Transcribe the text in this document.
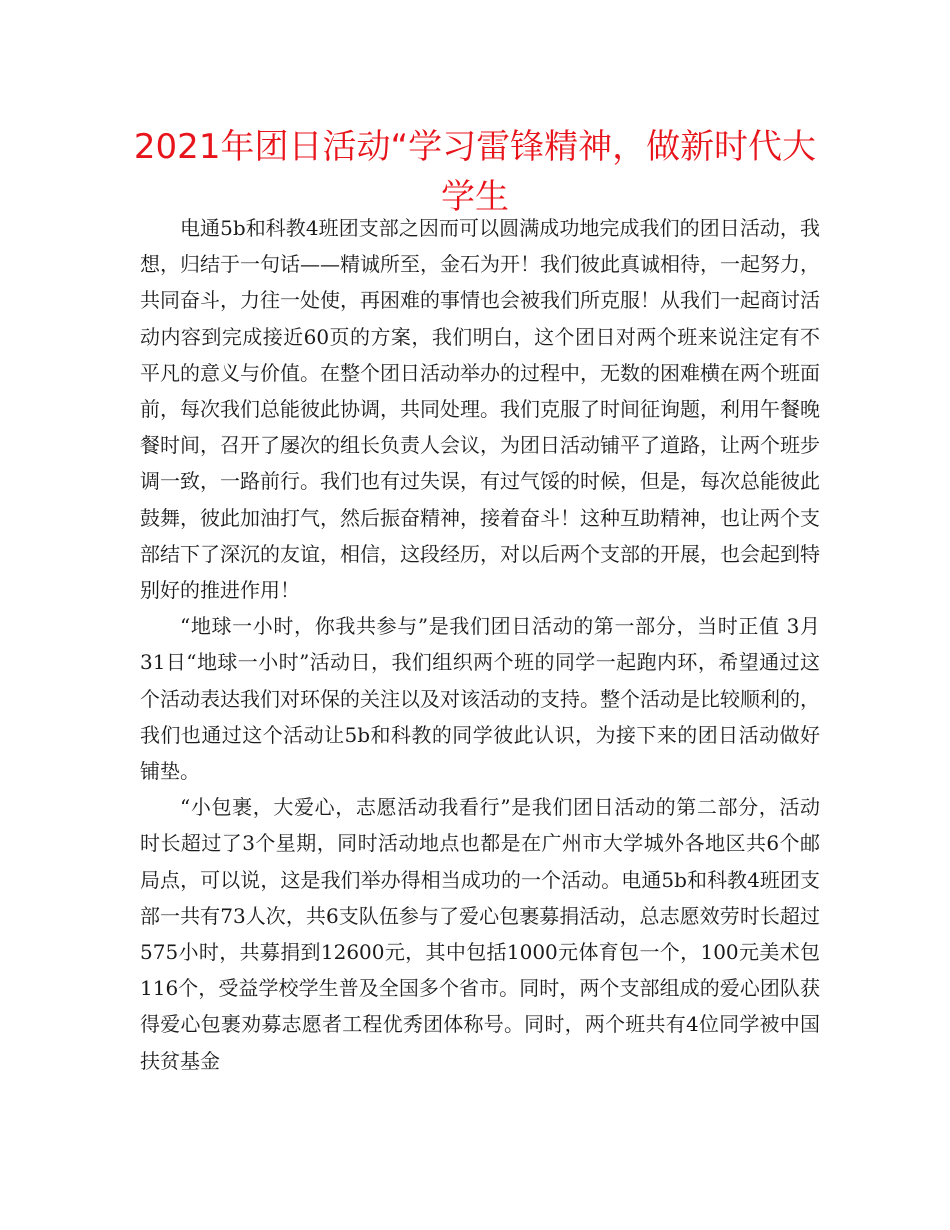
2021年团日活动“学习雷锋精神，做新时代大学生

电通5b和科教4班团支部之因而可以圆满成功地完成我们的团日活动，我想，归结于一句话——精诚所至，金石为开！我们彼此真诚相待，一起努力，共同奋斗，力往一处使，再困难的事情也会被我们所克服！从我们一起商讨活动内容到完成接近60页的方案，我们明白，这个团日对两个班来说注定有不平凡的意义与价值。在整个团日活动举办的过程中，无数的困难横在两个班面前，每次我们总能彼此协调，共同处理。我们克服了时间征询题，利用午餐晚餐时间，召开了屡次的组长负责人会议，为团日活动铺平了道路，让两个班步调一致，一路前行。我们也有过失误，有过气馁的时候，但是，每次总能彼此鼓舞，彼此加油打气，然后振奋精神，接着奋斗！这种互助精神，也让两个支部结下了深沉的友谊，相信，这段经历，对以后两个支部的开展，也会起到特别好的推进作用！

“地球一小时，你我共参与”是我们团日活动的第一部分，当时正值 3月31日“地球一小时”活动日，我们组织两个班的同学一起跑内环，希望通过这个活动表达我们对环保的关注以及对该活动的支持。整个活动是比较顺利的，我们也通过这个活动让5b和科教的同学彼此认识，为接下来的团日活动做好铺垫。

“小包裹，大爱心，志愿活动我看行”是我们团日活动的第二部分，活动时长超过了3个星期，同时活动地点也都是在广州市大学城外各地区共6个邮局点，可以说，这是我们举办得相当成功的一个活动。电通5b和科教4班团支部一共有73人次，共6支队伍参与了爱心包裹募捐活动，总志愿效劳时长超过575小时，共募捐到12600元，其中包括1000元体育包一个，100元美术包116个，受益学校学生普及全国多个省市。同时，两个支部组成的爱心团队获得爱心包裹劝募志愿者工程优秀团体称号。同时，两个班共有4位同学被中国扶贫基金
